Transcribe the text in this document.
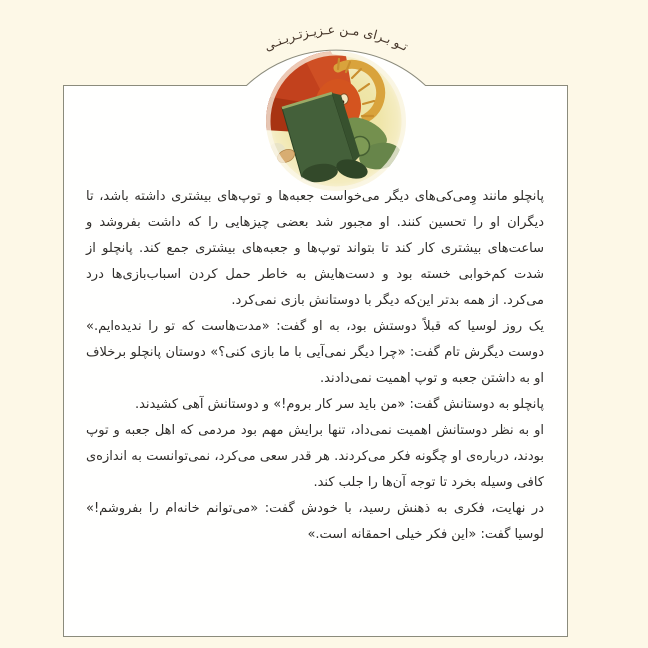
تـو بـرای مـن عـزیـزتـریـنـی

پانچلو مانند وِمی‌کی‌های دیگر می‌خواست جعبه‌ها و توپ‌های بیشتری داشته باشد، تا دیگران او را تحسین کنند. او مجبور شد بعضی چیزهایی را که داشت بفروشد و ساعت‌های بیشتری کار کند تا بتواند توپ‌ها و جعبه‌های بیشتری جمع کند. پانچلو از شدت کم‌خوابی خسته بود و دست‌هایش به خاطر حمل کردن اسباب‌بازی‌ها درد می‌کرد. از همه بدتر این‌که دیگر با دوستانش بازی نمی‌کرد.

یک روز لوسیا که قبلاً دوستش بود، به او گفت: «مدت‌هاست که تو را ندیده‌ایم.» دوست دیگرش تام گفت: «چرا دیگر نمی‌آیی با ما بازی کنی؟» دوستان پانچلو برخلاف او به داشتن جعبه و توپ اهمیت نمی‌دادند.

پانچلو به دوستانش گفت: «من باید سر کار بروم!» و دوستانش آهی کشیدند.

او به نظر دوستانش اهمیت نمی‌داد، تنها برایش مهم بود مردمی که اهل جعبه و توپ بودند، درباره‌ی او چگونه فکر می‌کردند. هر قدر سعی می‌کرد، نمی‌توانست به اندازه‌ی کافی وسیله بخرد تا توجه آن‌ها را جلب کند.

در نهایت، فکری به ذهنش رسید، با خودش گفت: «می‌توانم خانه‌ام را بفروشم!» لوسیا گفت: «این فکر خیلی احمقانه است.»
